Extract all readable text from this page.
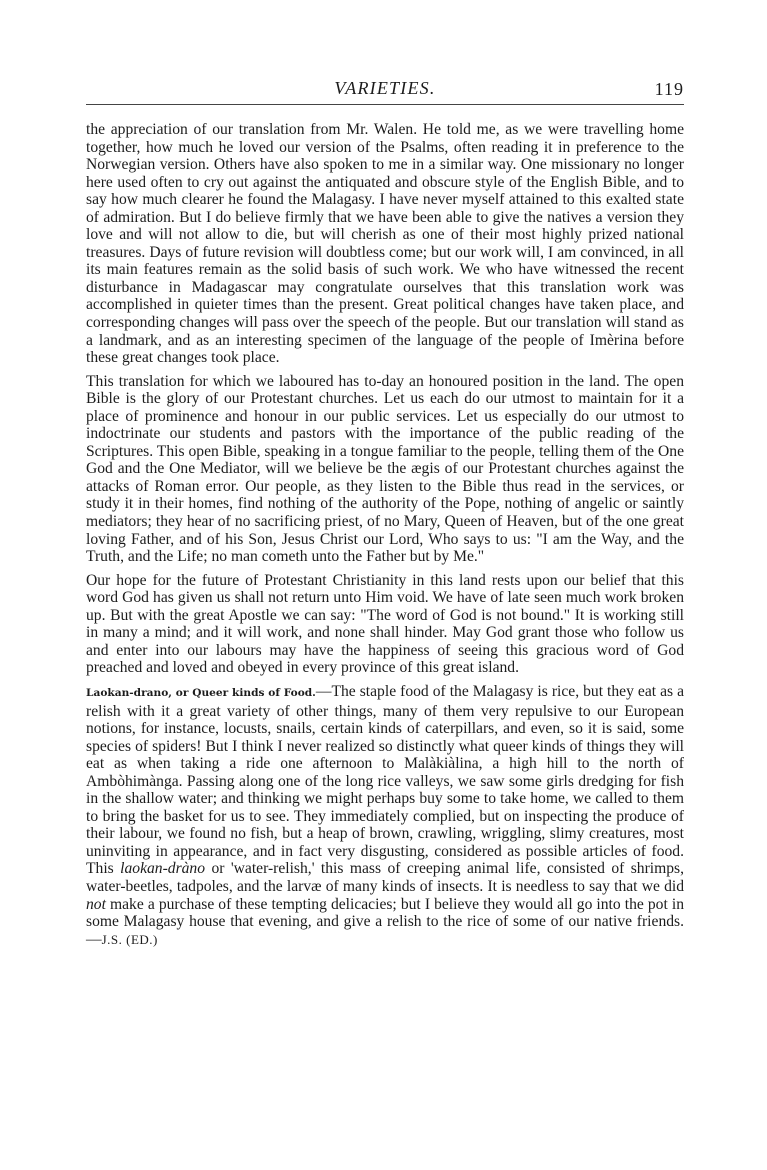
VARIETIES.	119

the appreciation of our translation from Mr. Walen. He told me, as we were travelling home together, how much he loved our version of the Psalms, often reading it in preference to the Norwegian version. Others have also spoken to me in a similar way. One missionary no longer here used often to cry out against the antiquated and obscure style of the English Bible, and to say how much clearer he found the Malagasy. I have never myself attained to this exalted state of admiration. But I do believe firmly that we have been able to give the natives a version they love and will not allow to die, but will cherish as one of their most highly prized national treasures. Days of future revision will doubtless come; but our work will, I am convinced, in all its main features remain as the solid basis of such work. We who have witnessed the recent disturbance in Madagascar may congratulate ourselves that this translation work was accomplished in quieter times than the present. Great political changes have taken place, and corresponding changes will pass over the speech of the people. But our translation will stand as a landmark, and as an interesting specimen of the language of the people of Imèrina before these great changes took place.

This translation for which we laboured has to-day an honoured position in the land. The open Bible is the glory of our Protestant churches. Let us each do our utmost to maintain for it a place of prominence and honour in our public services. Let us especially do our utmost to indoctrinate our students and pastors with the importance of the public reading of the Scriptures. This open Bible, speaking in a tongue familiar to the people, telling them of the One God and the One Mediator, will we believe be the ægis of our Protestant churches against the attacks of Roman error. Our people, as they listen to the Bible thus read in the services, or study it in their homes, find nothing of the authority of the Pope, nothing of angelic or saintly mediators; they hear of no sacrificing priest, of no Mary, Queen of Heaven, but of the one great loving Father, and of his Son, Jesus Christ our Lord, Who says to us: "I am the Way, and the Truth, and the Life; no man cometh unto the Father but by Me."

Our hope for the future of Protestant Christianity in this land rests upon our belief that this word God has given us shall not return unto Him void. We have of late seen much work broken up. But with the great Apostle we can say: "The word of God is not bound." It is working still in many a mind; and it will work, and none shall hinder. May God grant those who follow us and enter into our labours may have the happiness of seeing this gracious word of God preached and loved and obeyed in every province of this great island.

Laokan-drano, or Queer kinds of Food.—The staple food of the Malagasy is rice, but they eat as a relish with it a great variety of other things, many of them very repulsive to our European notions, for instance, locusts, snails, certain kinds of caterpillars, and even, so it is said, some species of spiders! But I think I never realized so distinctly what queer kinds of things they will eat as when taking a ride one afternoon to Malàkiàlina, a high hill to the north of Ambòhimànga. Passing along one of the long rice valleys, we saw some girls dredging for fish in the shallow water; and thinking we might perhaps buy some to take home, we called to them to bring the basket for us to see. They immediately complied, but on inspecting the produce of their labour, we found no fish, but a heap of brown, crawling, wriggling, slimy creatures, most uninviting in appearance, and in fact very disgusting, considered as possible articles of food. This laokan-dràno or 'water-relish,' this mass of creeping animal life, consisted of shrimps, water-beetles, tadpoles, and the larvæ of many kinds of insects. It is needless to say that we did not make a purchase of these tempting delicacies; but I believe they would all go into the pot in some Malagasy house that evening, and give a relish to the rice of some of our native friends.—J.S. (ED.)
